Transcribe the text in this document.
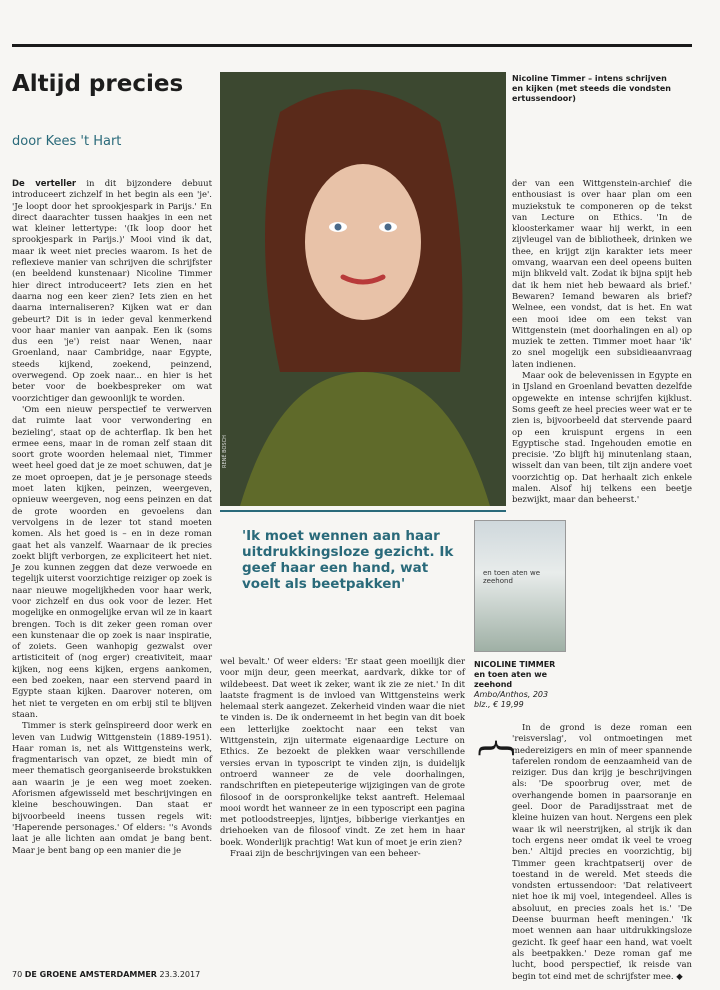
Altijd precies
door Kees 't Hart
RENÉ BOSCH
Nicoline Timmer – intens schrijven en kijken (met steeds die vondsten ertussendoor)
'Ik moet wennen aan haar uitdrukkingsloze gezicht. Ik geef haar een hand, wat voelt als beetpakken'
en toen aten we zeehond
NICOLINE TIMMER
en toen aten we zeehond
Ambo/Anthos, 203 blz., € 19,99

De verteller in dit bijzondere debuut introduceert zichzelf in het begin als een 'je'. 'Je loopt door het sprookjespark in Parijs.' En direct daarachter tussen haakjes in een net wat kleiner lettertype: '(Ik loop door het sprookjespark in Parijs.)' Mooi vind ik dat, maar ik weet niet precies waarom. Is het de reflexieve manier van schrijven die schrijfster (en beeldend kunstenaar) Nicoline Timmer hier direct introduceert? Iets zien en het daarna nog een keer zien? Iets zien en het daarna internaliseren? Kijken wat er dan gebeurt? Dit is in ieder geval kenmerkend voor haar manier van aanpak. Een ik (soms dus een 'je') reist naar Wenen, naar Groenland, naar Cambridge, naar Egypte, steeds kijkend, zoekend, peinzend, overwegend. Op zoek naar... en hier is het beter voor de boekbespreker om wat voorzichtiger dan gewoonlijk te worden.

'Om een nieuw perspectief te verwerven dat ruimte laat voor verwondering en bezieling', staat op de achterflap. Ik ben het ermee eens, maar in de roman zelf staan dit soort grote woorden helemaal niet, Timmer weet heel goed dat je ze moet schuwen, dat je ze moet oproepen, dat je je personage steeds moet laten kijken, peinzen, weergeven, opnieuw weergeven, nog eens peinzen en dat de grote woorden en gevoelens dan vervolgens in de lezer tot stand moeten komen. Als het goed is – en in deze roman gaat het als vanzelf. Waarnaar de ik precies zoekt blijft verborgen, ze expliciteert het niet. Je zou kunnen zeggen dat deze verwoede en tegelijk uiterst voorzichtige reiziger op zoek is naar nieuwe mogelijkheden voor haar werk, voor zichzelf en dus ook voor de lezer. Het mogelijke en onmogelijke ervan wil ze in kaart brengen. Toch is dit zeker geen roman over een kunstenaar die op zoek is naar inspiratie, of zoiets. Geen wanhopig gezwalst over artisticiteit of (nog erger) creativiteit, maar kijken, nog eens kijken, ergens aankomen, een bed zoeken, naar een stervend paard in Egypte staan kijken. Daarover noteren, om het niet te vergeten en om erbij stil te blijven staan.

Timmer is sterk geïnspireerd door werk en leven van Ludwig Wittgenstein (1889-1951). Haar roman is, net als Wittgensteins werk, fragmentarisch van opzet, ze biedt min of meer thematisch georganiseerde brokstukken aan waarin je je een weg moet zoeken. Aforismen afgewisseld met beschrijvingen en kleine beschouwingen. Dan staat er bijvoorbeeld ineens tussen regels wit: 'Haperende personages.' Of elders: ''s Avonds laat je alle lichten aan omdat je bang bent. Maar je bent bang op een manier die je

wel bevalt.' Of weer elders: 'Er staat geen moeilijk dier voor mijn deur, geen meerkat, aardvark, dikke tor of wildebeest. Dat weet ik zeker, want ik zie ze niet.' In dit laatste fragment is de invloed van Wittgensteins werk helemaal sterk aangezet. Zekerheid vinden waar die niet te vinden is. De ik onderneemt in het begin van dit boek een letterlijke zoektocht naar een tekst van Wittgenstein, zijn uitermate eigenaardige Lecture on Ethics. Ze bezoekt de plekken waar verschillende versies ervan in typoscript te vinden zijn, is duidelijk ontroerd wanneer ze de vele doorhalingen, randschriften en pietepeuterige wijzigingen van de grote filosoof in de oorspronkelijke tekst aantreft. Helemaal mooi wordt het wanneer ze in een typoscript een pagina met potloodstreepjes, lijntjes, bibberige vierkantjes en driehoeken van de filosoof vindt. Ze zet hem in haar boek. Wonderlijk prachtig! Wat kun of moet je erin zien?

Fraai zijn de beschrijvingen van een beheer-

der van een Wittgenstein-archief die enthousiast is over haar plan om een muziekstuk te componeren op de tekst van Lecture on Ethics. 'In de kloosterkamer waar hij werkt, in een zijvleugel van de bibliotheek, drinken we thee, en krijgt zijn karakter iets meer omvang, waarvan een deel opeens buiten mijn blikveld valt. Zodat ik bijna spijt heb dat ik hem niet heb bewaard als brief.' Bewaren? Iemand bewaren als brief? Welnee, een vondst, dat is het. En wat een mooi idee om een tekst van Wittgenstein (met doorhalingen en al) op muziek te zetten. Timmer moet haar 'ik' zo snel mogelijk een subsidieaanvraag laten indienen.

Maar ook de belevenissen in Egypte en in IJsland en Groenland bevatten dezelfde opgewekte en intense schrijfen kijklust. Soms geeft ze heel precies weer wat er te zien is, bijvoorbeeld dat stervende paard op een kruispunt ergens in een Egyptische stad. Ingehouden emotie en precisie. 'Zo blijft hij minutenlang staan, wisselt dan van been, tilt zijn andere voet voorzichtig op. Dat herhaalt zich enkele malen. Alsof hij telkens een beetje bezwijkt, maar dan beheerst.'

In de grond is deze roman een 'reisverslag', vol ontmoetingen met medereizigers en min of meer spannende taferelen rondom de eenzaamheid van de reiziger. Dus dan krijg je beschrijvingen als: 'De spoorbrug over, met de overhangende bomen in paarsoranje en geel. Door de Paradijsstraat met de kleine huizen van hout. Nergens een plek waar ik wil neerstrijken, al strijk ik dan toch ergens neer omdat ik veel te vroeg ben.' Altijd precies en voorzichtig, bij Timmer geen krachtpatserij over de toestand in de wereld. Met steeds die vondsten ertussendoor: 'Dat relativeert niet hoe ik mij voel, integendeel. Alles is absoluut, en precies zoals het is.' 'De Deense buurman heeft meningen.' 'Ik moet wennen aan haar uitdrukkingsloze gezicht. Ik geef haar een hand, wat voelt als beetpakken.' Deze roman gaf me lucht, bood perspectief, ik reisde van begin tot eind met de schrijfster mee. ◆

{
70 DE GROENE AMSTERDAMMER 23.3.2017
